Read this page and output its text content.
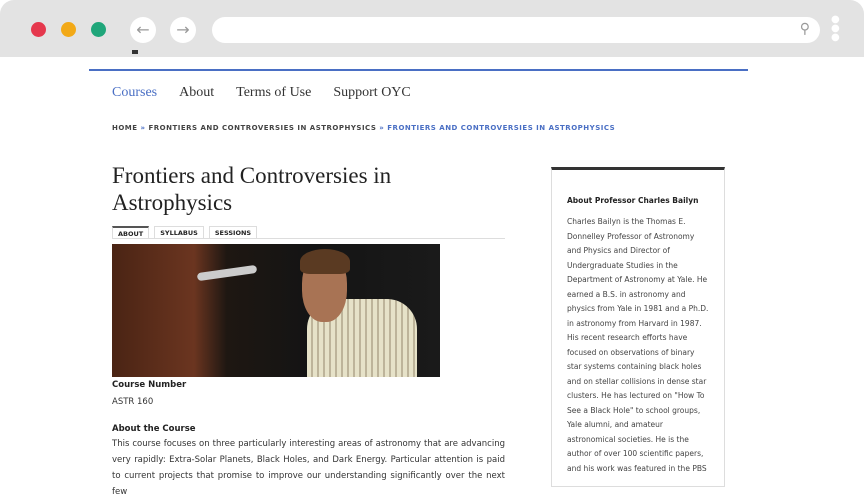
←	→	⚲
●
●
●
Courses About Terms of Use Support OYC
HOME » FRONTIERS AND CONTROVERSIES IN ASTROPHYSICS » FRONTIERS AND CONTROVERSIES IN ASTROPHYSICS
Frontiers and Controversies in Astrophysics
ABOUT	SYLLABUS	SESSIONS
Course Number
ASTR 160
About the Course

This course focuses on three particularly interesting areas of astronomy that are advancing very rapidly: Extra-Solar Planets, Black Holes, and Dark Energy. Particular attention is paid to current projects that promise to improve our understanding significantly over the next few

About Professor Charles Bailyn

Charles Bailyn is the Thomas E. Donnelley Professor of Astronomy and Physics and Director of Undergraduate Studies in the Department of Astronomy at Yale. He earned a B.S. in astronomy and physics from Yale in 1981 and a Ph.D. in astronomy from Harvard in 1987. His recent research efforts have focused on observations of binary star systems containing black holes and on stellar collisions in dense star clusters. He has lectured on "How To See a Black Hole" to school groups, Yale alumni, and amateur astronomical societies. He is the author of over 100 scientific papers, and his work was featured in the PBS
